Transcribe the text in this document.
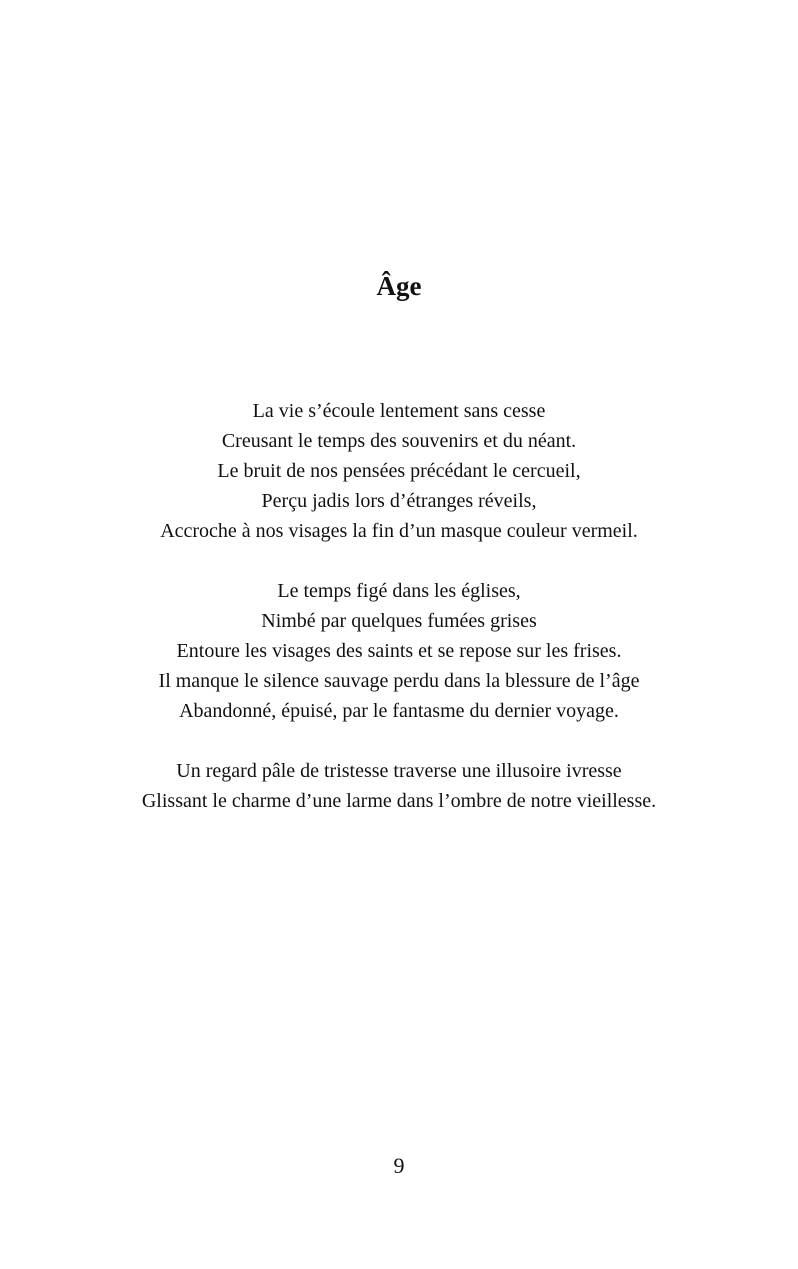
Âge
La vie s’écoule lentement sans cesse
Creusant le temps des souvenirs et du néant.
Le bruit de nos pensées précédant le cercueil,
Perçu jadis lors d’étranges réveils,
Accroche à nos visages la fin d’un masque couleur vermeil.
Le temps figé dans les églises,
Nimbé par quelques fumées grises
Entoure les visages des saints et se repose sur les frises.
Il manque le silence sauvage perdu dans la blessure de l’âge
Abandonné, épuisé, par le fantasme du dernier voyage.
Un regard pâle de tristesse traverse une illusoire ivresse
Glissant le charme d’une larme dans l’ombre de notre vieillesse.
9
